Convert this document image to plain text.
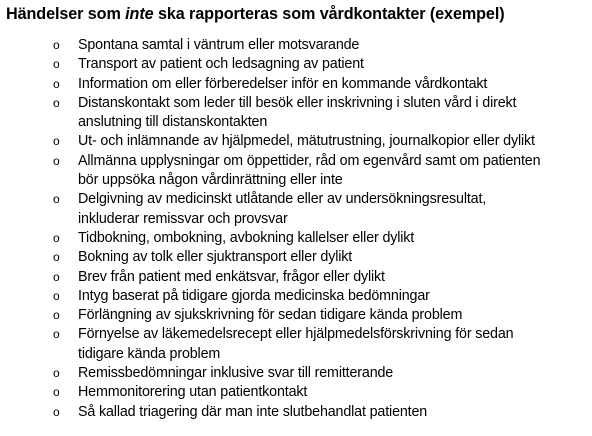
Händelser som inte ska rapporteras som vårdkontakter (exempel)
o Spontana samtal i väntrum eller motsvarande
o Transport av patient och ledsagning av patient
o Information om eller förberedelser inför en kommande vårdkontakt
o Distanskontakt som leder till besök eller inskrivning i sluten vård i direkt
anslutning till distanskontakten
o Ut- och inlämnande av hjälpmedel, mätutrustning, journalkopior eller dylikt
o Allmänna upplysningar om öppettider, råd om egenvård samt om patienten
bör uppsöka någon vårdinrättning eller inte
o Delgivning av medicinskt utlåtande eller av undersökningsresultat,
inkluderar remissvar och provsvar
o Tidbokning, ombokning, avbokning kallelser eller dylikt
o Bokning av tolk eller sjuktransport eller dylikt
o Brev från patient med enkätsvar, frågor eller dylikt
o Intyg baserat på tidigare gjorda medicinska bedömningar
o Förlängning av sjukskrivning för sedan tidigare kända problem
o Förnyelse av läkemedelsrecept eller hjälpmedelsförskrivning för sedan
tidigare kända problem
o Remissbedömningar inklusive svar till remitterande
o Hemmonitorering utan patientkontakt
o Så kallad triagering där man inte slutbehandlat patienten
